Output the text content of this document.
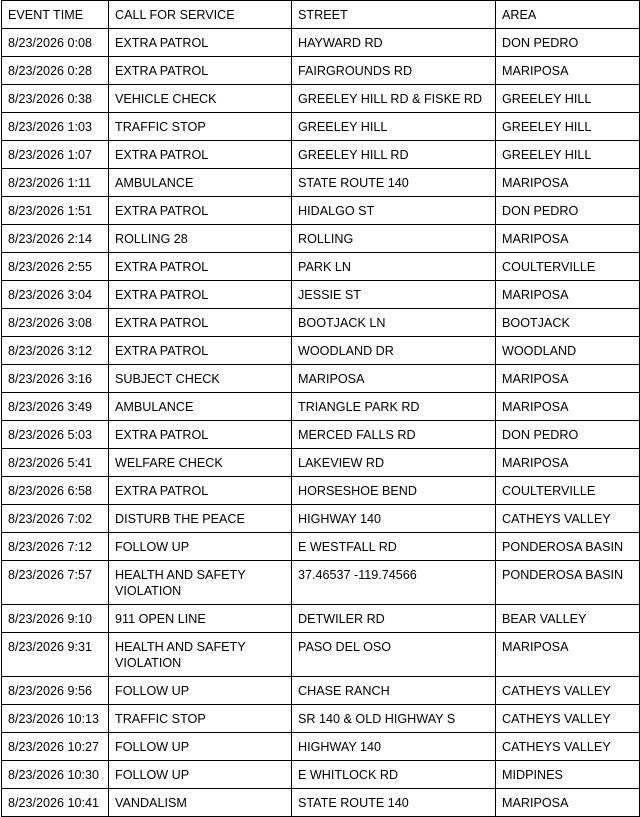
EVENT TIME	CALL FOR SERVICE	STREET	AREA
8/23/2026 0:08	EXTRA PATROL	HAYWARD RD	DON PEDRO
8/23/2026 0:28	EXTRA PATROL	FAIRGROUNDS RD	MARIPOSA
8/23/2026 0:38	VEHICLE CHECK	GREELEY HILL RD & FISKE RD	GREELEY HILL
8/23/2026 1:03	TRAFFIC STOP	GREELEY HILL	GREELEY HILL
8/23/2026 1:07	EXTRA PATROL	GREELEY HILL RD	GREELEY HILL
8/23/2026 1:11	AMBULANCE	STATE ROUTE 140	MARIPOSA
8/23/2026 1:51	EXTRA PATROL	HIDALGO ST	DON PEDRO
8/23/2026 2:14	ROLLING 28	ROLLING	MARIPOSA
8/23/2026 2:55	EXTRA PATROL	PARK LN	COULTERVILLE
8/23/2026 3:04	EXTRA PATROL	JESSIE ST	MARIPOSA
8/23/2026 3:08	EXTRA PATROL	BOOTJACK LN	BOOTJACK
8/23/2026 3:12	EXTRA PATROL	WOODLAND DR	WOODLAND
8/23/2026 3:16	SUBJECT CHECK	MARIPOSA	MARIPOSA
8/23/2026 3:49	AMBULANCE	TRIANGLE PARK RD	MARIPOSA
8/23/2026 5:03	EXTRA PATROL	MERCED FALLS RD	DON PEDRO
8/23/2026 5:41	WELFARE CHECK	LAKEVIEW RD	MARIPOSA
8/23/2026 6:58	EXTRA PATROL	HORSESHOE BEND	COULTERVILLE
8/23/2026 7:02	DISTURB THE PEACE	HIGHWAY 140	CATHEYS VALLEY
8/23/2026 7:12	FOLLOW UP	E WESTFALL RD	PONDEROSA BASIN
8/23/2026 7:57	HEALTH AND SAFETY VIOLATION	37.46537 -119.74566	PONDEROSA BASIN
8/23/2026 9:10	911 OPEN LINE	DETWILER RD	BEAR VALLEY
8/23/2026 9:31	HEALTH AND SAFETY VIOLATION	PASO DEL OSO	MARIPOSA
8/23/2026 9:56	FOLLOW UP	CHASE RANCH	CATHEYS VALLEY
8/23/2026 10:13	TRAFFIC STOP	SR 140 & OLD HIGHWAY S	CATHEYS VALLEY
8/23/2026 10:27	FOLLOW UP	HIGHWAY 140	CATHEYS VALLEY
8/23/2026 10:30	FOLLOW UP	E WHITLOCK RD	MIDPINES
8/23/2026 10:41	VANDALISM	STATE ROUTE 140	MARIPOSA
